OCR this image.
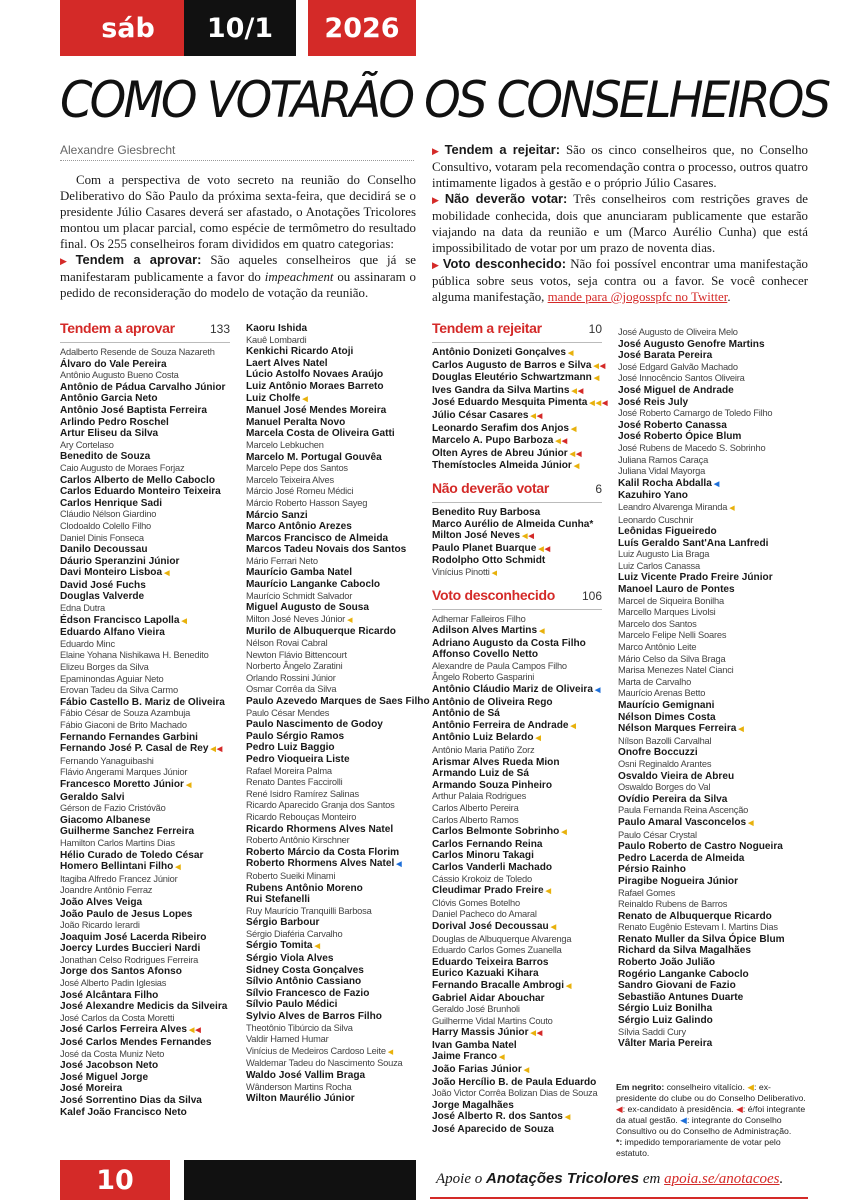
sáb 10/1 2026
COMO VOTARÃO OS CONSELHEIROS
Alexandre Giesbrecht

Com a perspectiva de voto secreto na reunião do Conselho Deliberativo do São Paulo da próxima sexta-feira, que decidirá se o presidente Júlio Casares deverá ser afastado, o Anotações Tricolores montou um placar parcial, como espécie de termômetro do resultado final. Os 255 conselheiros foram divididos em quatro categorias:

▶ Tendem a aprovar: São aqueles conselheiros que já se manifestaram publicamente a favor do impeachment ou assinaram o pedido de reconsideração do modelo de votação da reunião.

▶ Tendem a rejeitar: São os cinco conselheiros que, no Conselho Consultivo, votaram pela recomendação contra o processo, outros quatro intimamente ligados à gestão e o próprio Júlio Casares.

▶ Não deverão votar: Três conselheiros com restrições graves de mobilidade conhecida, dois que anunciaram publicamente que estarão viajando na data da reunião e um (Marco Aurélio Cunha) que está impossibilitado de votar por um prazo de noventa dias.

▶ Voto desconhecido: Não foi possível encontrar uma manifestação pública sobre seus votos, seja contra ou a favor. Se você conhecer alguma manifestação, mande para @jogosspfc no Twitter.

Tendem a aprovar	133
Adalberto Resende de Souza Nazareth
Álvaro do Vale Pereira
Antônio Augusto Bueno Costa
Antônio de Pádua Carvalho Júnior
Antônio Garcia Neto
Antônio José Baptista Ferreira
Arlindo Pedro Roschel
Artur Eliseu da Silva
Ary Cortelaso
Benedito de Souza
Caio Augusto de Moraes Forjaz
Carlos Alberto de Mello Caboclo
Carlos Eduardo Monteiro Teixeira
Carlos Henrique Sadi
Cláudio Nélson Giardino
Clodoaldo Colello Filho
Daniel Dinis Fonseca
Danilo Decoussau
Dáurio Speranzini Júnior
Davi Monteiro Lisboa ◀
David José Fuchs
Douglas Valverde
Edna Dutra
Édson Francisco Lapolla ◀
Eduardo Alfano Vieira
Eduardo Minc
Elaine Yohana Nishikawa H. Benedito
Elizeu Borges da Silva
Epaminondas Aguiar Neto
Erovan Tadeu da Silva Carmo
Fábio Castello B. Mariz de Oliveira
Fábio César de Souza Azambuja
Fábio Giaconi de Brito Machado
Fernando Fernandes Garbini
Fernando José P. Casal de Rey ◀ ◀
Fernando Yanaguibashi
Flávio Angerami Marques Júnior
Francesco Moretto Júnior ◀
Geraldo Salvi
Gérson de Fazio Cristóvão
Giacomo Albanese
Guilherme Sanchez Ferreira
Hamilton Carlos Martins Dias
Hélio Curado de Toledo César
Homero Bellintani Filho ◀
Itagiba Alfredo Francez Júnior
Joandre Antônio Ferraz
João Alves Veiga
João Paulo de Jesus Lopes
João Ricardo Ierardi
Joaquim José Lacerda Ribeiro
Joercy Lurdes Buccieri Nardi
Jonathan Celso Rodrigues Ferreira
Jorge dos Santos Afonso
José Alberto Padin Iglesias
José Alcântara Filho
José Alexandre Medicis da Silveira
José Carlos da Costa Moretti
José Carlos Ferreira Alves ◀ ◀
José Carlos Mendes Fernandes
José da Costa Muniz Neto
José Jacobson Neto
José Miguel Jorge
José Moreira
José Sorrentino Dias da Silva
Kalef João Francisco Neto
Kaoru Ishida
Kauê Lombardi
Kenkichi Ricardo Atoji
Laert Alves Natel
Lúcio Astolfo Novaes Araújo
Luiz Antônio Moraes Barreto
Luiz Cholfe ◀
Manuel José Mendes Moreira
Manuel Peralta Novo
Marcela Costa de Oliveira Gatti
Marcelo Lebkuchen
Marcelo M. Portugal Gouvêa
Marcelo Pepe dos Santos
Marcelo Teixeira Alves
Márcio José Romeu Médici
Márcio Roberto Hasson Sayeg
Márcio Sanzi
Marco Antônio Arezes
Marcos Francisco de Almeida
Marcos Tadeu Novais dos Santos
Mário Ferrari Neto
Maurício Gamba Natel
Maurício Langanke Caboclo
Maurício Schmidt Salvador
Miguel Augusto de Sousa
Milton José Neves Júnior ◀
Murilo de Albuquerque Ricardo
Nélson Rovai Cabral
Newton Flávio Bittencourt
Norberto Ângelo Zaratini
Orlando Rossini Júnior
Osmar Corrêa da Silva
Paulo Azevedo Marques de Saes Filho
Paulo César Mendes
Paulo Nascimento de Godoy
Paulo Sérgio Ramos
Pedro Luiz Baggio
Pedro Vioqueira Liste
Rafael Moreira Palma
Renato Dantes Faccirolli
René Isidro Ramírez Salinas
Ricardo Aparecido Granja dos Santos
Ricardo Rebouças Monteiro
Ricardo Rhormens Alves Natel
Roberto Antônio Kirschner
Roberto Márcio da Costa Florim
Roberto Rhormens Alves Natel ◀
Roberto Sueiki Minami
Rubens Antônio Moreno
Rui Stefanelli
Ruy Maurício Tranquilli Barbosa
Sérgio Barbour
Sérgio Diaféria Carvalho
Sérgio Tomita ◀
Sérgio Viola Alves
Sidney Costa Gonçalves
Sílvio Antônio Cassiano
Sílvio Francesco de Fazio
Sílvio Paulo Médici
Sylvio Alves de Barros Filho
Theotônio Tibúrcio da Silva
Valdir Hamed Humar
Vinícius de Medeiros Cardoso Leite ◀
Waldemar Tadeu do Nascimento Souza
Waldo José Vallim Braga
Wânderson Martins Rocha
Wilton Maurélio Júnior
Tendem a rejeitar	10
Antônio Donizeti Gonçalves ◀
Carlos Augusto de Barros e Silva ◀ ◀
Douglas Eleutério Schwartzmann ◀
Ives Gandra da Silva Martins ◀ ◀
José Eduardo Mesquita Pimenta ◀ ◀ ◀
Júlio César Casares ◀ ◀
Leonardo Serafim dos Anjos ◀
Marcelo A. Pupo Barboza ◀ ◀
Olten Ayres de Abreu Júnior ◀ ◀
Themístocles Almeida Júnior ◀
Não deverão votar	6
Benedito Ruy Barbosa
Marco Aurélio de Almeida Cunha*
Milton José Neves ◀ ◀
Paulo Planet Buarque ◀ ◀
Rodolpho Otto Schmidt
Vinícius Pinotti ◀
Voto desconhecido 106
Adhemar Falleiros Filho
Adilson Alves Martins ◀
Adriano Augusto da Costa Filho
Affonso Covello Netto
Alexandre de Paula Campos Filho
Ângelo Roberto Gasparini
Antônio Cláudio Mariz de Oliveira ◀
Antônio de Oliveira Rego
Antônio de Sá
Antônio Ferreira de Andrade ◀
Antônio Luiz Belardo ◀
Antônio Maria Patiño Zorz
Arismar Alves Rueda Mion
Armando Luiz de Sá
Armando Souza Pinheiro
Arthur Palaia Rodrigues
Carlos Alberto Pereira
Carlos Alberto Ramos
Carlos Belmonte Sobrinho ◀
Carlos Fernando Reina
Carlos Minoru Takagi
Carlos Vanderli Machado
Cássio Krokoiz de Toledo
Cleudimar Prado Freire ◀
Clóvis Gomes Botelho
Daniel Pacheco do Amaral
Dorival José Decoussau ◀
Douglas de Albuquerque Alvarenga
Eduardo Carlos Gomes Zuanella
Eduardo Teixeira Barros
Eurico Kazuaki Kihara
Fernando Bracalle Ambrogi ◀
Gabriel Aidar Abouchar
Geraldo José Brunholi
Guilherme Vidal Martins Couto
Harry Massis Júnior ◀ ◀
Ivan Gamba Natel
Jaime Franco ◀
João Farias Júnior ◀
João Hercílio B. de Paula Eduardo
João Victor Corrêa Bolizan Dias de Souza
Jorge Magalhães
José Alberto R. dos Santos ◀
José Aparecido de Souza
José Augusto de Oliveira Melo
José Augusto Genofre Martins
José Barata Pereira
José Edgard Galvão Machado
José Innocêncio Santos Oliveira
José Miguel de Andrade
José Reis July
José Roberto Camargo de Toledo Filho
José Roberto Canassa
José Roberto Ópice Blum
José Rubens de Macedo S. Sobrinho
Juliana Ramos Caraça
Juliana Vidal Mayorga
Kalil Rocha Abdalla ◀
Kazuhiro Yano
Leandro Alvarenga Miranda ◀
Leonardo Cuschnir
Leônidas Figueiredo
Luís Geraldo Sant'Ana Lanfredi
Luiz Augusto Lia Braga
Luiz Carlos Canassa
Luiz Vicente Prado Freire Júnior
Manoel Lauro de Pontes
Marcel de Siqueira Bonilha
Marcello Marques Livolsi
Marcelo dos Santos
Marcelo Felipe Nelli Soares
Marco Antônio Leite
Mário Celso da Silva Braga
Marisa Menezes Natel Cianci
Marta de Carvalho
Maurício Arenas Betto
Maurício Gemignani
Nélson Dimes Costa
Nélson Marques Ferreira ◀
Nílson Bazolli Carvalhal
Onofre Boccuzzi
Osni Reginaldo Arantes
Osvaldo Vieira de Abreu
Oswaldo Borges do Val
Ovídio Pereira da Silva
Paula Fernanda Reina Ascenção
Paulo Amaral Vasconcelos ◀
Paulo César Crystal
Paulo Roberto de Castro Nogueira
Pedro Lacerda de Almeida
Pérsio Rainho
Piragibe Nogueira Júnior
Rafael Gomes
Reinaldo Rubens de Barros
Renato de Albuquerque Ricardo
Renato Eugênio Estevam I. Martins Dias
Renato Muller da Silva Ópice Blum
Richard da Silva Magalhães
Roberto João Julião
Rogério Langanke Caboclo
Sandro Giovani de Fazio
Sebastião Antunes Duarte
Sérgio Luiz Bonilha
Sérgio Luiz Galindo
Sílvia Saddi Cury
Vâlter Maria Pereira
Em negrito: conselheiro vitalício. ◀: ex-presidente do clube ou do Conselho Deliberativo. ◀: ex-candidato à presidência. ◀: é/foi integrante da atual gestão. ◀: integrante do Conselho Consultivo ou do Conselho de Administração.
*: impedido temporariamente de votar pelo estatuto.
10	Apoie o Anotações Tricolores em apoia.se/anotacoes.
